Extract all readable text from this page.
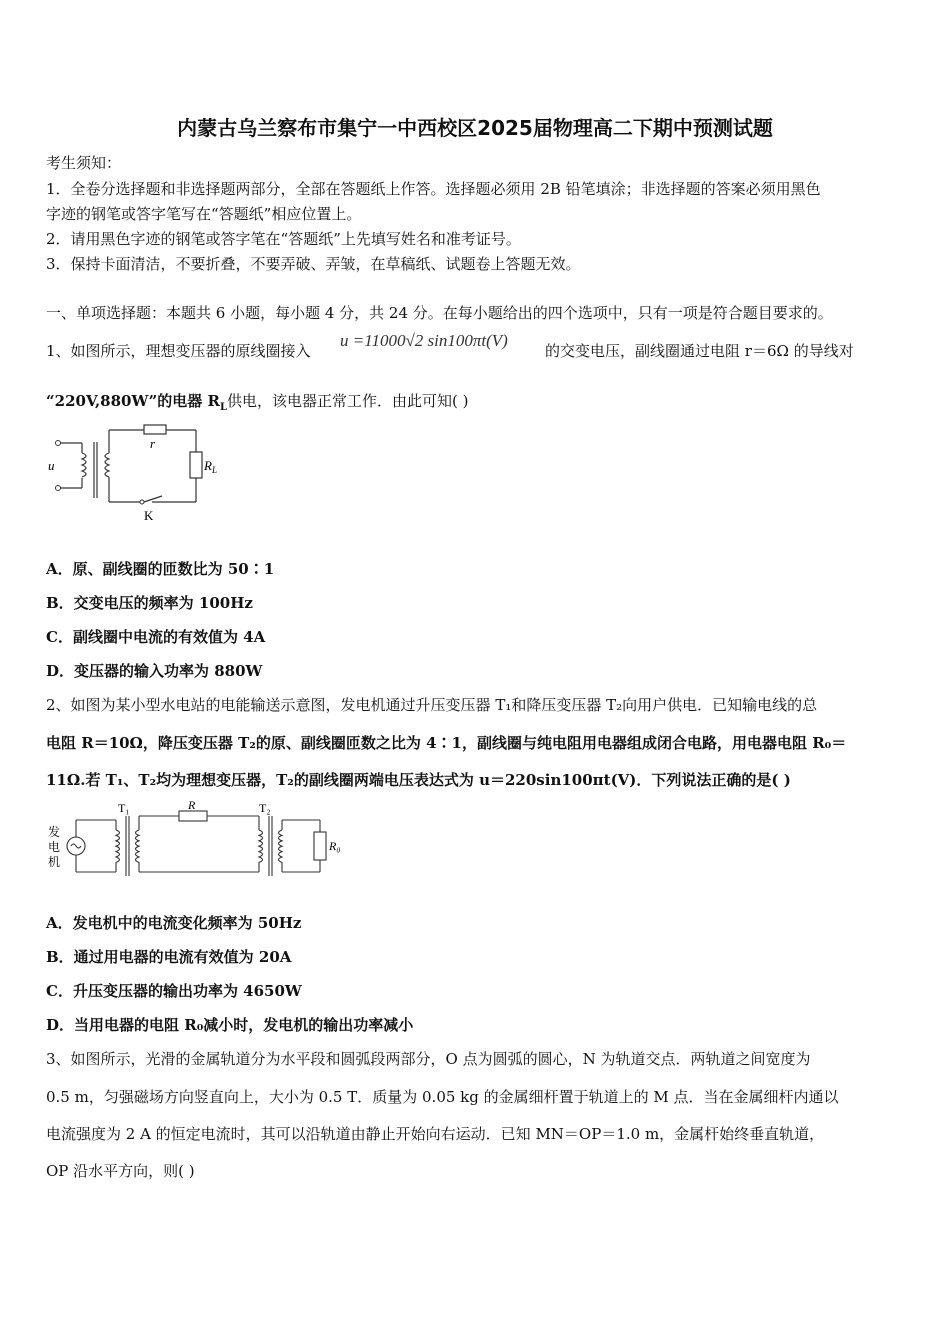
内蒙古乌兰察布市集宁一中西校区2025届物理高二下期中预测试题
考生须知：
1．全卷分选择题和非选择题两部分，全部在答题纸上作答。选择题必须用 2B 铅笔填涂；非选择题的答案必须用黑色
字迹的钢笔或答字笔写在“答题纸”相应位置上。
2．请用黑色字迹的钢笔或答字笔在“答题纸”上先填写姓名和准考证号。
3．保持卡面清洁，不要折叠，不要弄破、弄皱，在草稿纸、试题卷上答题无效。
一、单项选择题：本题共 6 小题，每小题 4 分，共 24 分。在每小题给出的四个选项中，只有一项是符合题目要求的。
1、如图所示，理想变压器的原线圈接入
u =11000√2 sin100πt(V)
的交变电压，副线圈通过电阻 r＝6Ω 的导线对
“220V,880W”的电器 $R_L$供电，该电器正常工作．由此可知( )
u
r
$R_L$
K
A．原、副线圈的匝数比为 50∶1
B．交变电压的频率为 100Hz
C．副线圈中电流的有效值为 4A
D．变压器的输入功率为 880W
2、如图为某小型水电站的电能输送示意图，发电机通过升压变压器 T₁和降压变压器 T₂向用户供电．已知输电线的总
电阻 R＝10Ω，降压变压器 T₂的原、副线圈匝数之比为 4∶1，副线圈与纯电阻用电器组成闭合电路，用电器电阻 R₀＝
11Ω.若 T₁、T₂均为理想变压器，T₂的副线圈两端电压表达式为 u＝220sin100πt(V)．下列说法正确的是( )
发
电
机
T₁	R	T₂
R₀
A．发电机中的电流变化频率为 50Hz
B．通过用电器的电流有效值为 20A
C．升压变压器的输出功率为 4650W
D．当用电器的电阻 R₀减小时，发电机的输出功率减小
3、如图所示，光滑的金属轨道分为水平段和圆弧段两部分，O 点为圆弧的圆心，N 为轨道交点．两轨道之间宽度为
0.5 m，匀强磁场方向竖直向上，大小为 0.5 T．质量为 0.05 kg 的金属细杆置于轨道上的 M 点．当在金属细杆内通以
电流强度为 2 A 的恒定电流时，其可以沿轨道由静止开始向右运动．已知 MN＝OP＝1.0 m，金属杆始终垂直轨道，
OP 沿水平方向，则( )
